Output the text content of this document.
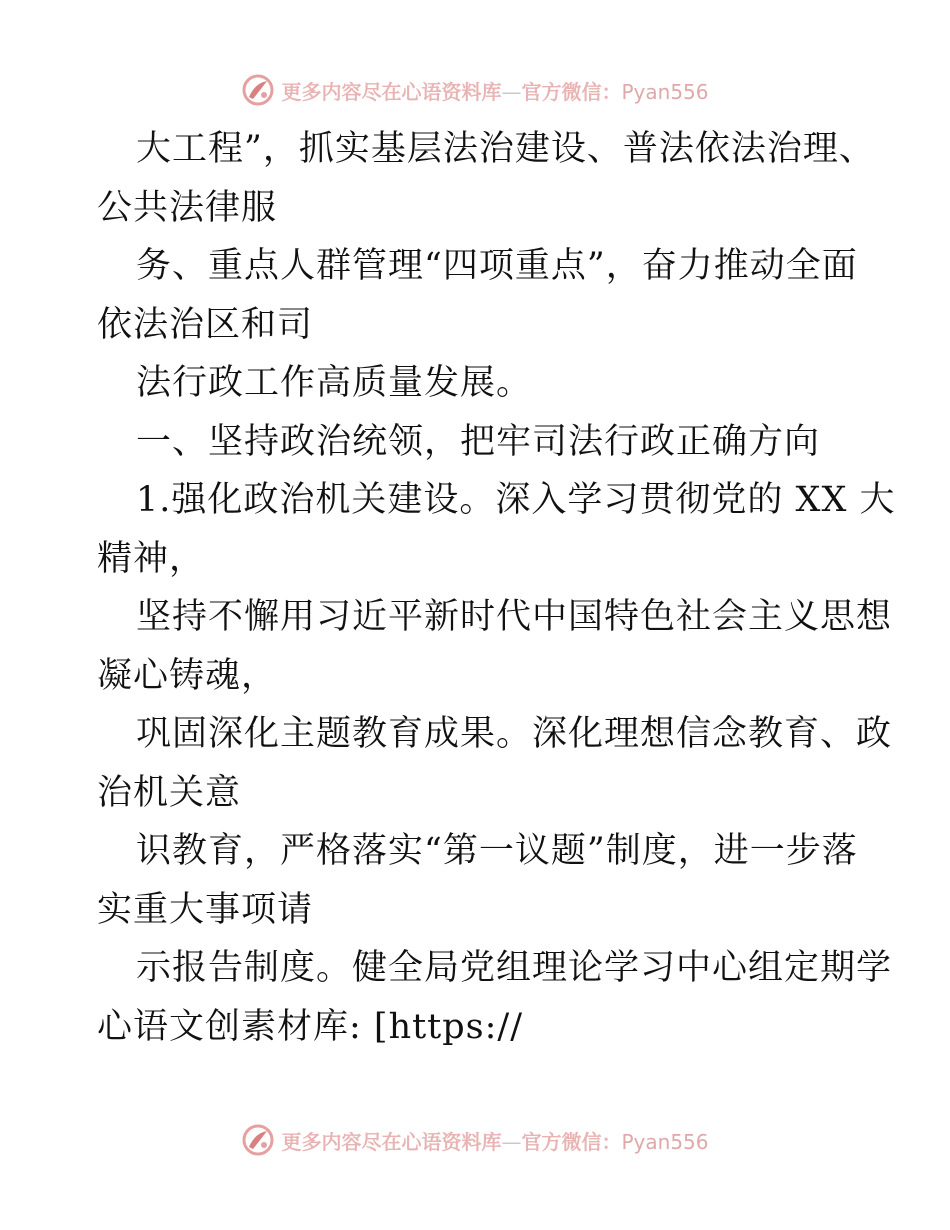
更多内容尽在心语资料库—官方微信：Pyan556
大工程”，抓实基层法治建设、普法依法治理、
公共法律服
务、重点人群管理“四项重点”，奋力推动全面
依法治区和司
法行政工作高质量发展。
一、坚持政治统领，把牢司法行政正确方向
1.强化政治机关建设。深入学习贯彻党的 XX 大
精神，
坚持不懈用习近平新时代中国特色社会主义思想
凝心铸魂，
巩固深化主题教育成果。深化理想信念教育、政
治机关意
识教育，严格落实“第一议题”制度，进一步落
实重大事项请
示报告制度。健全局党组理论学习中心组定期学
心语文创素材库: [https://
更多内容尽在心语资料库—官方微信：Pyan556
